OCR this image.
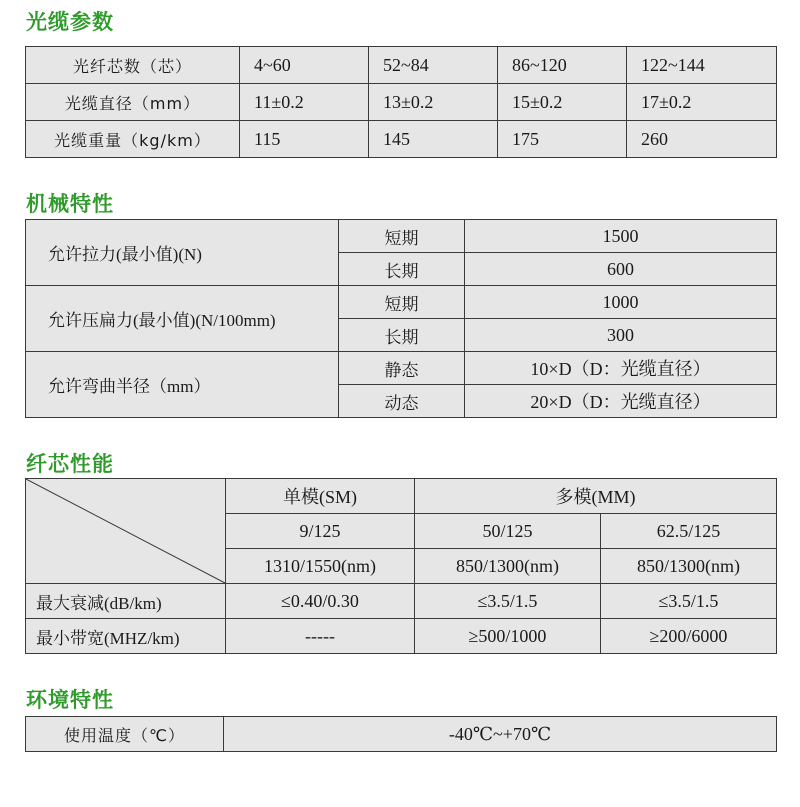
光缆参数
光纤芯数（芯）	4~60	52~84	86~120	122~144
光缆直径（mm）	11±0.2	13±0.2	15±0.2	17±0.2
光缆重量（kg/km）	115	145	175	260
机械特性
允许拉力(最小值)(N)	短期	1500
	长期	600
允许压扁力(最小值)(N/100mm)	短期	1000
	长期	300
允许弯曲半径（mm）	静态	10×D（D：光缆直径）
	动态	20×D（D：光缆直径）
纤芯性能
	单模(SM)	多模(MM)	
	9/125	50/125	62.5/125
	1310/1550(nm)	850/1300(nm)	850/1300(nm)
最大衰减(dB/km)	≤0.40/0.30	≤3.5/1.5	≤3.5/1.5
最小带宽(MHZ/km)	-----	≥500/1000	≥200/6000
环境特性
使用温度（℃）	-40℃~+70℃
